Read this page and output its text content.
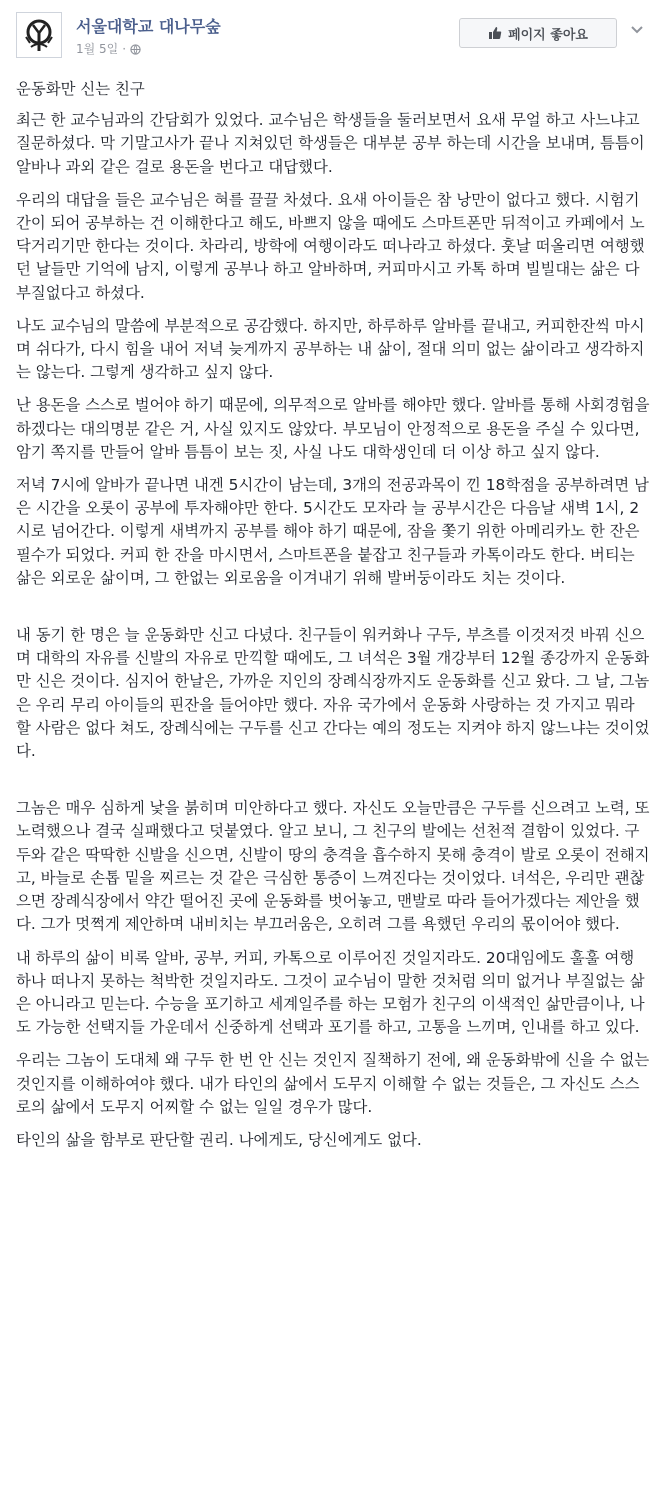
서울대학교 대나무숲
1월 5일 ·
페이지 좋아요

운동화만 신는 친구

최근 한 교수님과의 간담회가 있었다. 교수님은 학생들을 둘러보면서 요새 무얼 하고 사느냐고 질문하셨다. 막 기말고사가 끝나 지쳐있던 학생들은 대부분 공부 하는데 시간을 보내며, 틈틈이 알바나 과외 같은 걸로 용돈을 번다고 대답했다.

우리의 대답을 들은 교수님은 혀를 끌끌 차셨다. 요새 아이들은 참 낭만이 없다고 했다. 시험기간이 되어 공부하는 건 이해한다고 해도, 바쁘지 않을 때에도 스마트폰만 뒤적이고 카페에서 노닥거리기만 한다는 것이다. 차라리, 방학에 여행이라도 떠나라고 하셨다. 훗날 떠올리면 여행했던 날들만 기억에 남지, 이렇게 공부나 하고 알바하며, 커피마시고 카톡 하며 빌빌대는 삶은 다 부질없다고 하셨다.

나도 교수님의 말씀에 부분적으로 공감했다. 하지만, 하루하루 알바를 끝내고, 커피한잔씩 마시며 쉬다가, 다시 힘을 내어 저녁 늦게까지 공부하는 내 삶이, 절대 의미 없는 삶이라고 생각하지는 않는다. 그렇게 생각하고 싶지 않다.

난 용돈을 스스로 벌어야 하기 때문에, 의무적으로 알바를 해야만 했다. 알바를 통해 사회경험을 하겠다는 대의명분 같은 거, 사실 있지도 않았다. 부모님이 안정적으로 용돈을 주실 수 있다면, 암기 쪽지를 만들어 알바 틈틈이 보는 짓, 사실 나도 대학생인데 더 이상 하고 싶지 않다.

저녁 7시에 알바가 끝나면 내겐 5시간이 남는데, 3개의 전공과목이 낀 18학점을 공부하려면 남은 시간을 오롯이 공부에 투자해야만 한다. 5시간도 모자라 늘 공부시간은 다음날 새벽 1시, 2시로 넘어간다. 이렇게 새벽까지 공부를 해야 하기 때문에, 잠을 쫓기 위한 아메리카노 한 잔은 필수가 되었다. 커피 한 잔을 마시면서, 스마트폰을 붙잡고 친구들과 카톡이라도 한다. 버티는 삶은 외로운 삶이며, 그 한없는 외로움을 이겨내기 위해 발버둥이라도 치는 것이다.

내 동기 한 명은 늘 운동화만 신고 다녔다. 친구들이 워커화나 구두, 부츠를 이것저것 바꿔 신으며 대학의 자유를 신발의 자유로 만끽할 때에도, 그 녀석은 3월 개강부터 12월 종강까지 운동화만 신은 것이다. 심지어 한날은, 가까운 지인의 장례식장까지도 운동화를 신고 왔다. 그 날, 그놈은 우리 무리 아이들의 핀잔을 들어야만 했다. 자유 국가에서 운동화 사랑하는 것 가지고 뭐라 할 사람은 없다 쳐도, 장례식에는 구두를 신고 간다는 예의 정도는 지켜야 하지 않느냐는 것이었다.

그놈은 매우 심하게 낯을 붉히며 미안하다고 했다. 자신도 오늘만큼은 구두를 신으려고 노력, 또 노력했으나 결국 실패했다고 덧붙였다. 알고 보니, 그 친구의 발에는 선천적 결함이 있었다. 구두와 같은 딱딱한 신발을 신으면, 신발이 땅의 충격을 흡수하지 못해 충격이 발로 오롯이 전해지고, 바늘로 손톱 밑을 찌르는 것 같은 극심한 통증이 느껴진다는 것이었다. 녀석은, 우리만 괜찮으면 장례식장에서 약간 떨어진 곳에 운동화를 벗어놓고, 맨발로 따라 들어가겠다는 제안을 했다. 그가 멋쩍게 제안하며 내비치는 부끄러움은, 오히려 그를 욕했던 우리의 몫이어야 했다.

내 하루의 삶이 비록 알바, 공부, 커피, 카톡으로 이루어진 것일지라도. 20대임에도 훌훌 여행 하나 떠나지 못하는 척박한 것일지라도. 그것이 교수님이 말한 것처럼 의미 없거나 부질없는 삶은 아니라고 믿는다. 수능을 포기하고 세계일주를 하는 모험가 친구의 이색적인 삶만큼이나, 나도 가능한 선택지들 가운데서 신중하게 선택과 포기를 하고, 고통을 느끼며, 인내를 하고 있다.

우리는 그놈이 도대체 왜 구두 한 번 안 신는 것인지 질책하기 전에, 왜 운동화밖에 신을 수 없는 것인지를 이해하여야 했다. 내가 타인의 삶에서 도무지 이해할 수 없는 것들은, 그 자신도 스스로의 삶에서 도무지 어찌할 수 없는 일일 경우가 많다.

타인의 삶을 함부로 판단할 권리. 나에게도, 당신에게도 없다.
